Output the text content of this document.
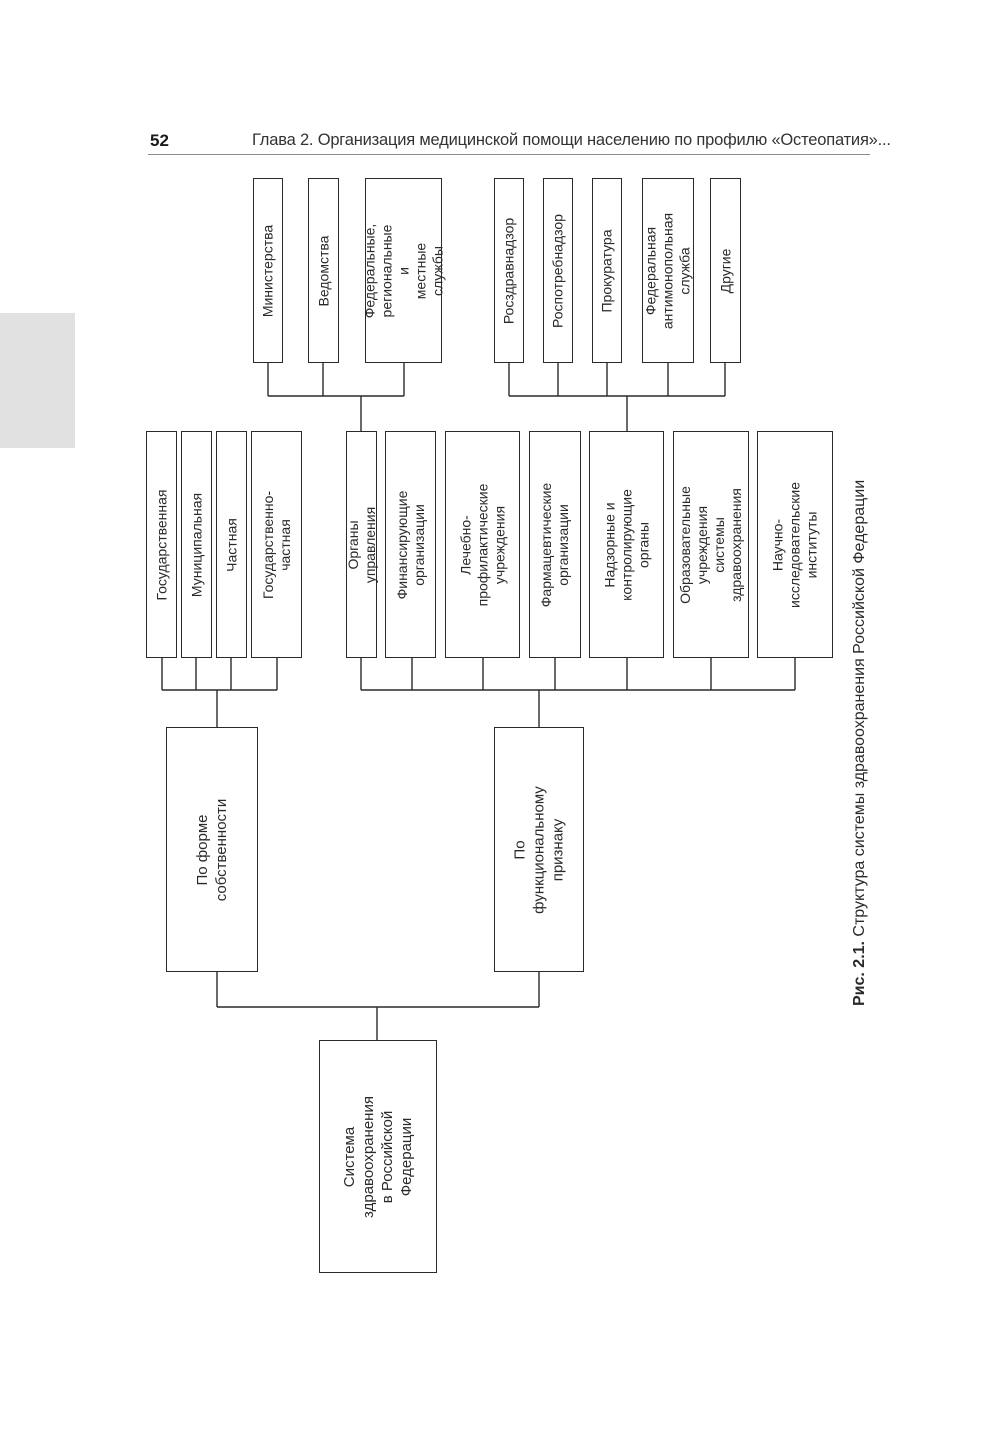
52	Глава 2. Организация медицинской помощи населению по профилю «Остеопатия»...
Система
здравоохранения
в Российской Федерации
По форме
собственности	По
функциональному
признаку
Государственная Муниципальная Частная Государственно-
частная	Органы управления Финансирующие
организации Лечебно-
профилактические
учреждения Фармацевтические
организации Надзорные и
контролирующие
органы Образовательные
учреждения системы
здравоохранения Научно-
исследовательские
институты
Министерства	Ведомства Федеральные,
региональные и
местные службы	Росздравнадзор Роспотребнадзор Прокуратура Федеральная
антимонопольная служба Другие
Рис. 2.1. Структура системы здравоохранения Российской Федерации
